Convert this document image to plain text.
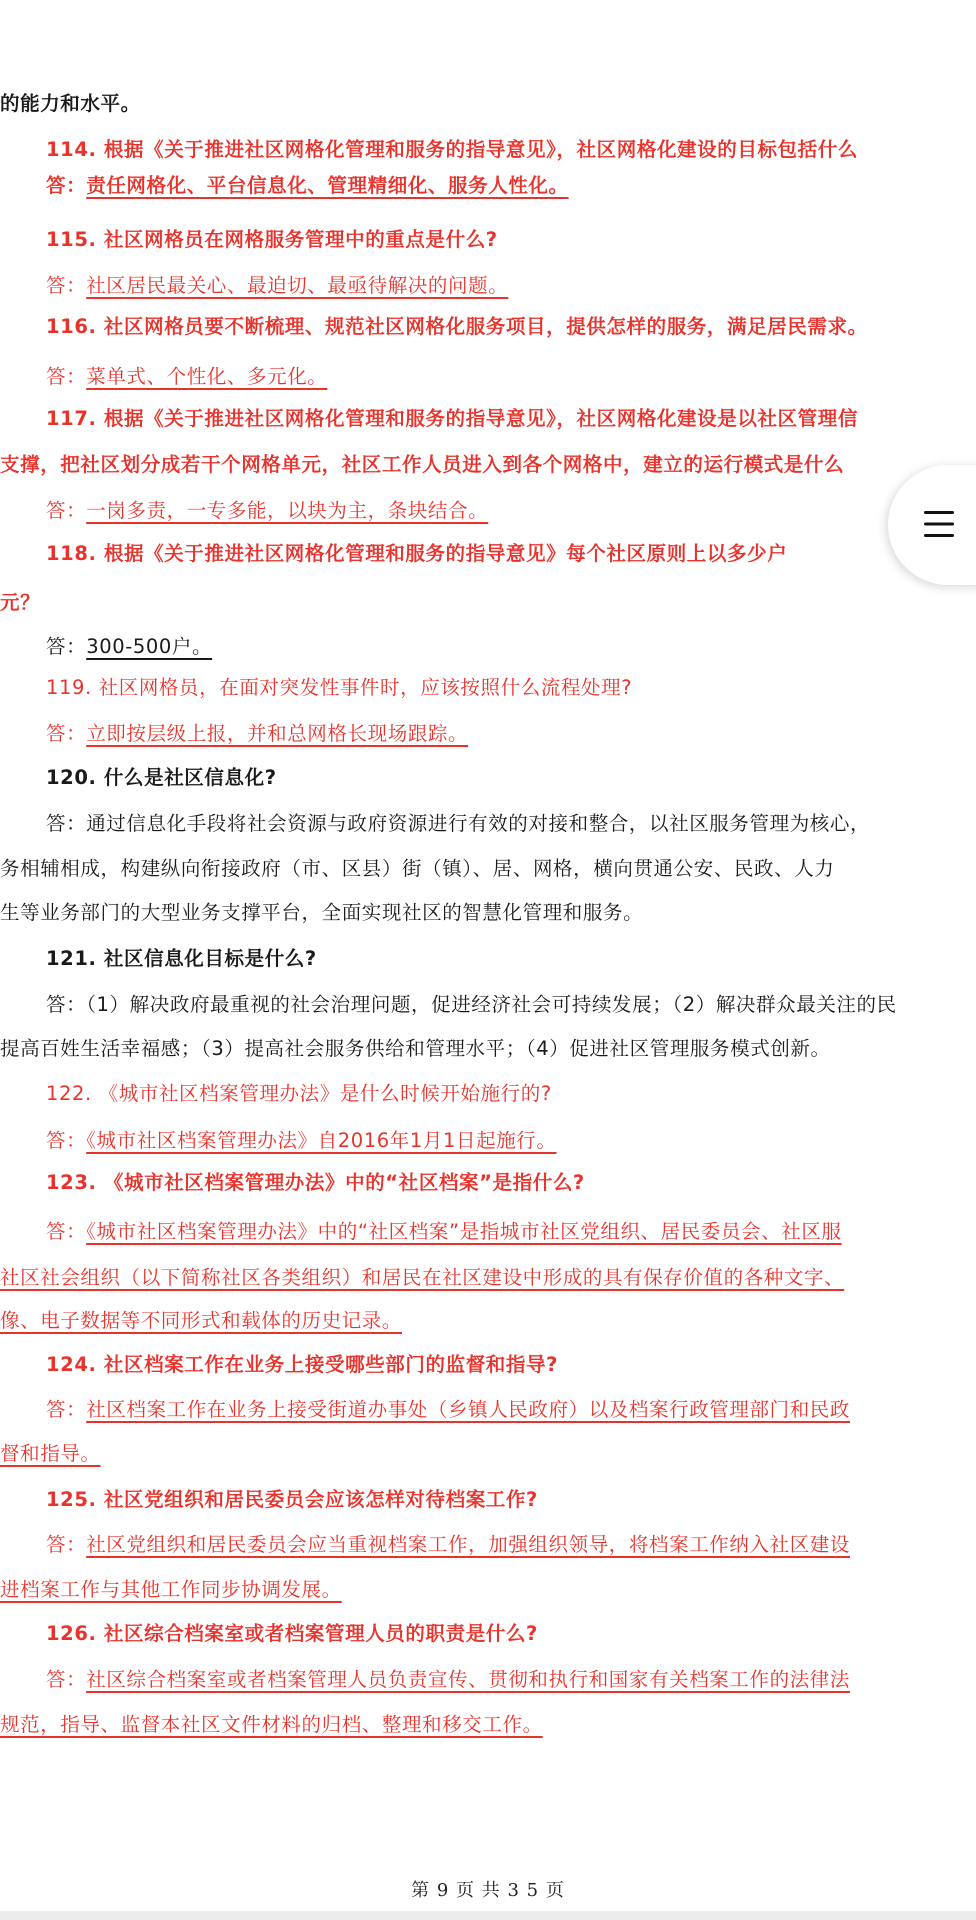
的能力和水平。
114. 根据《关于推进社区网格化管理和服务的指导意见》，社区网格化建设的目标包括什么
答：责任网格化、平台信息化、管理精细化、服务人性化。
115. 社区网格员在网格服务管理中的重点是什么?
答：社区居民最关心、最迫切、最亟待解决的问题。
116. 社区网格员要不断梳理、规范社区网格化服务项目，提供怎样的服务，满足居民需求。
答：菜单式、个性化、多元化。
117. 根据《关于推进社区网格化管理和服务的指导意见》，社区网格化建设是以社区管理信
支撑，把社区划分成若干个网格单元，社区工作人员进入到各个网格中，建立的运行模式是什么
答：一岗多责，一专多能，以块为主，条块结合。
118. 根据《关于推进社区网格化管理和服务的指导意见》每个社区原则上以多少户
元？
答：300-500户。
119. 社区网格员，在面对突发性事件时，应该按照什么流程处理?
答：立即按层级上报，并和总网格长现场跟踪。
120. 什么是社区信息化?
答：通过信息化手段将社会资源与政府资源进行有效的对接和整合，以社区服务管理为核心，
务相辅相成，构建纵向衔接政府（市、区县）街（镇）、居、网格，横向贯通公安、民政、人力
生等业务部门的大型业务支撑平台，全面实现社区的智慧化管理和服务。
121. 社区信息化目标是什么?
答：（1）解决政府最重视的社会治理问题，促进经济社会可持续发展；（2）解决群众最关注的民
提高百姓生活幸福感；（3）提高社会服务供给和管理水平；（4）促进社区管理服务模式创新。
122. 《城市社区档案管理办法》是什么时候开始施行的?
答：《城市社区档案管理办法》自2016年1月1日起施行。
123. 《城市社区档案管理办法》中的“社区档案”是指什么?
答：《城市社区档案管理办法》中的“社区档案”是指城市社区党组织、居民委员会、社区服
社区社会组织（以下简称社区各类组织）和居民在社区建设中形成的具有保存价值的各种文字、
像、电子数据等不同形式和载体的历史记录。
124. 社区档案工作在业务上接受哪些部门的监督和指导?
答：社区档案工作在业务上接受街道办事处（乡镇人民政府）以及档案行政管理部门和民政
督和指导。
125. 社区党组织和居民委员会应该怎样对待档案工作?
答：社区党组织和居民委员会应当重视档案工作，加强组织领导，将档案工作纳入社区建设
进档案工作与其他工作同步协调发展。
126. 社区综合档案室或者档案管理人员的职责是什么?
答：社区综合档案室或者档案管理人员负责宣传、贯彻和执行和国家有关档案工作的法律法
规范，指导、监督本社区文件材料的归档、整理和移交工作。
第 9 页 共 3 5 页
